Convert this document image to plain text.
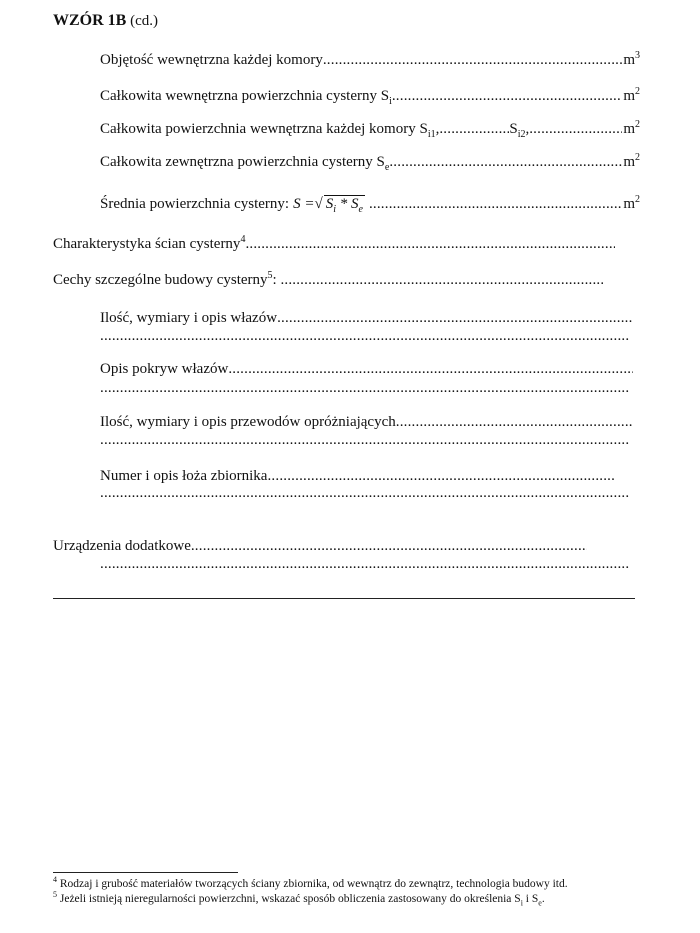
WZÓR 1B (cd.)
Objętość wewnętrzna każdej komory .....	$m^3$
Całkowita wewnętrzna powierzchnia cysterny $S_i$ .....	$m^2$
Całkowita powierzchnia wewnętrzna każdej komory $S_{i1}$, .....	$S_{i2}$, .....	$m^2$
Całkowita zewnętrzna powierzchnia cysterny $S_e$ .....	$m^2$
Średnia powierzchnia cysterny: S = √ $S_i * S_e$ .....	$m^2$
Charakterystyka ścian cysterny$^4$
.....
Cechy szczególne budowy cysterny$^5$:
.....
Ilość, wymiary i opis włazów
.....
.....
Opis pokryw włazów
.....
.....
Ilość, wymiary i opis przewodów opróżniających
.....
.....
Numer i opis łoża zbiornika
.....
.....
Urządzenia dodatkowe
.....
.....
$^4$ Rodzaj i grubość materiałów tworzących ściany zbiornika, od wewnątrz do zewnątrz, technologia budowy itd.
$^5$ Jeżeli istnieją nieregularności powierzchni, wskazać sposób obliczenia zastosowany do określenia $S_i$ i $S_e$.
